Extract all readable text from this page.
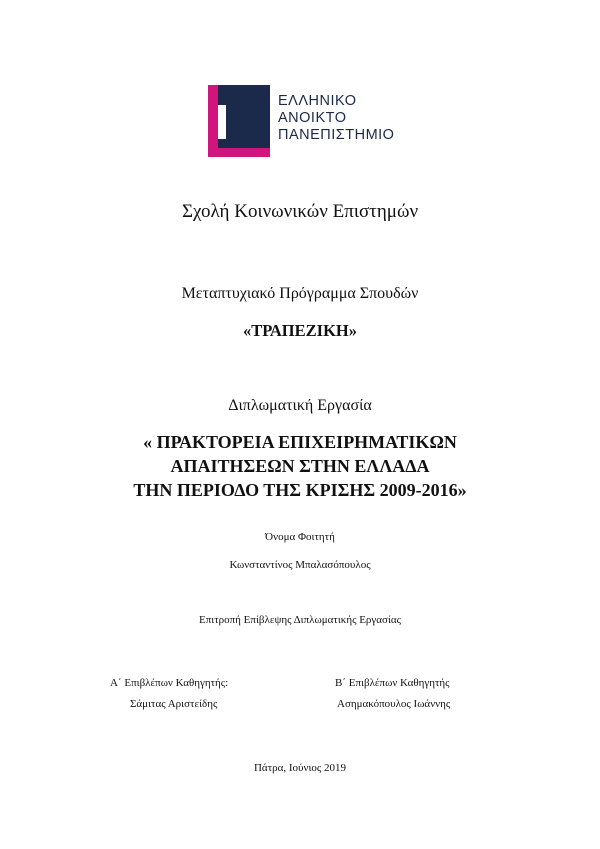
ΕΛΛΗΝΙΚΟ
ΑΝΟΙΚΤΟ
ΠΑΝΕΠΙΣΤΗΜΙΟ
Σχολή Κοινωνικών Επιστημών
Μεταπτυχιακό Πρόγραμμα Σπουδών
«ΤΡΑΠΕΖΙΚΗ»
Διπλωματική Εργασία
« ΠΡΑΚΤΟΡΕΙΑ ΕΠΙΧΕΙΡΗΜΑΤΙΚΩΝ
ΑΠΑΙΤΗΣΕΩΝ ΣΤΗΝ ΕΛΛΑΔΑ
ΤΗΝ ΠΕΡΙΟΔΟ ΤΗΣ ΚΡΙΣΗΣ 2009-2016»
Όνομα Φοιτητή
Κωνσταντίνος Μπαλασόπουλος
Επιτροπή Επίβλεψης Διπλωματικής Εργασίας
Α΄ Επιβλέπων Καθηγητής:
Σάμιτας Αριστείδης
Β΄ Επιβλέπων Καθηγητής
Ασημακόπουλος Ιωάννης
Πάτρα, Ιούνιος 2019
